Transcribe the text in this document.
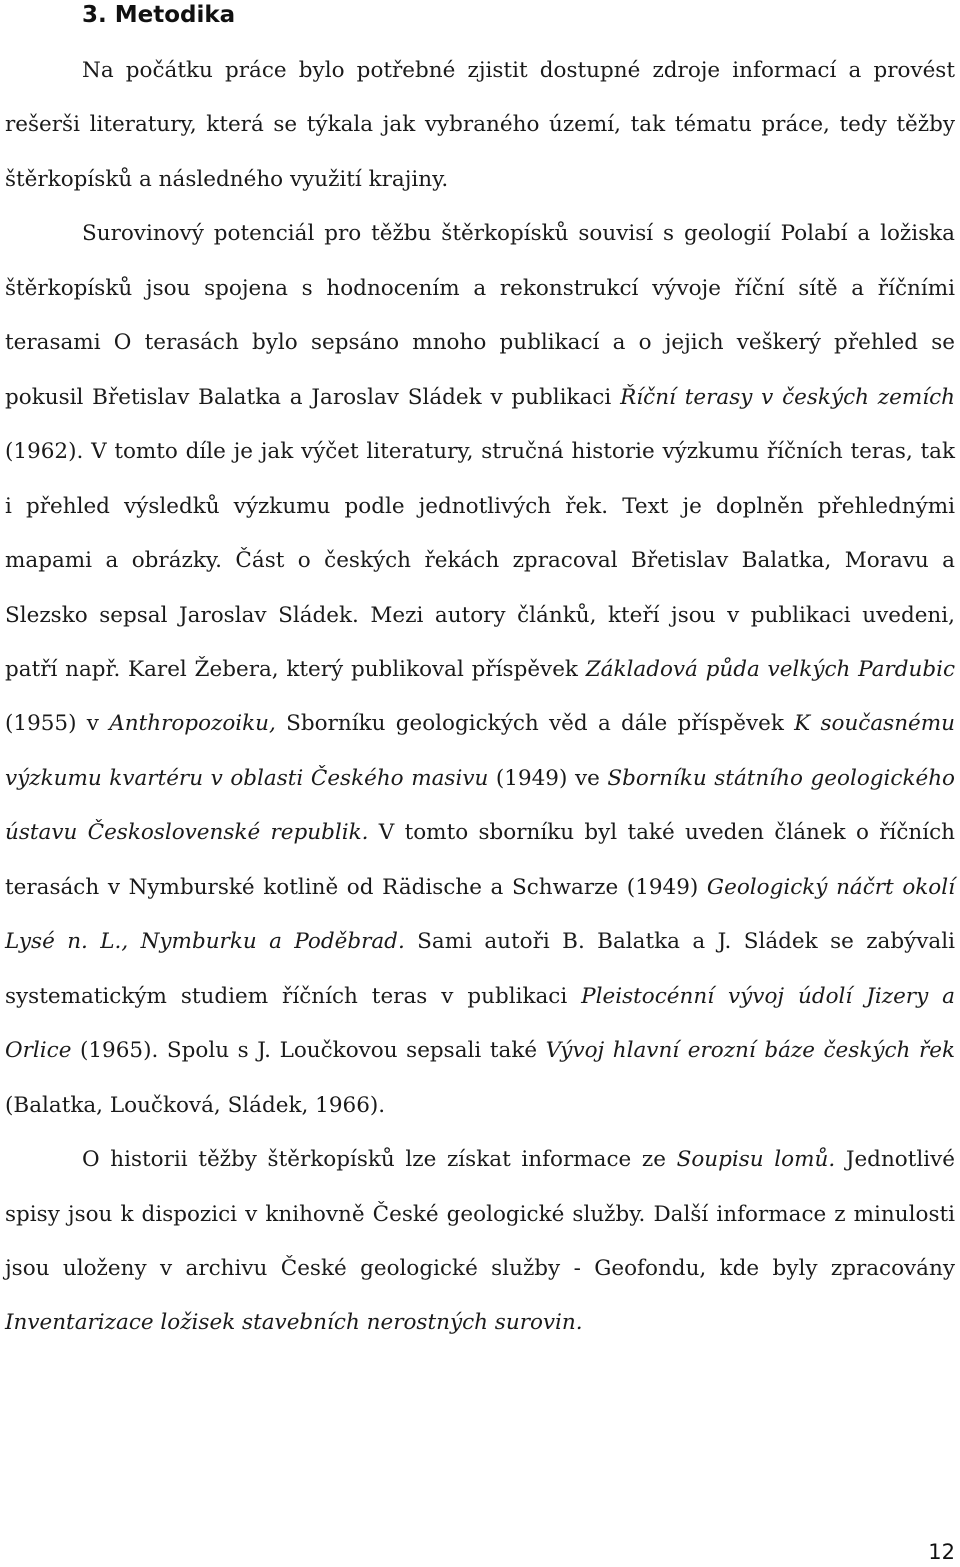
3. Metodika

Na počátku práce bylo potřebné zjistit dostupné zdroje informací a provést rešerši literatury, která se týkala jak vybraného území, tak tématu práce, tedy těžby štěrkopísků a následného využití krajiny.

Surovinový potenciál pro těžbu štěrkopísků souvisí s geologií Polabí a ložiska štěrkopísků jsou spojena s hodnocením a rekonstrukcí vývoje říční sítě a říčními terasami O terasách bylo sepsáno mnoho publikací a o jejich veškerý přehled se pokusil Břetislav Balatka a Jaroslav Sládek v publikaci Říční terasy v českých zemích (1962). V tomto díle je jak výčet literatury, stručná historie výzkumu říčních teras, tak i přehled výsledků výzkumu podle jednotlivých řek. Text je doplněn přehlednými mapami a obrázky. Část o českých řekách zpracoval Břetislav Balatka, Moravu a Slezsko sepsal Jaroslav Sládek. Mezi autory článků, kteří jsou v publikaci uvedeni, patří např. Karel Žebera, který publikoval příspěvek Základová půda velkých Pardubic (1955) v Anthropozoiku, Sborníku geologických věd a dále příspěvek K současnému výzkumu kvartéru v oblasti Českého masivu (1949) ve Sborníku státního geologického ústavu Československé republik. V tomto sborníku byl také uveden článek o říčních terasách v Nymburské kotlině od Rädische a Schwarze (1949) Geologický náčrt okolí Lysé n. L., Nymburku a Poděbrad. Sami autoři B. Balatka a J. Sládek se zabývali systematickým studiem říčních teras v publikaci Pleistocénní vývoj údolí Jizery a Orlice (1965). Spolu s J. Loučkovou sepsali také Vývoj hlavní erozní báze českých řek (Balatka, Loučková, Sládek, 1966).

O historii těžby štěrkopísků lze získat informace ze Soupisu lomů. Jednotlivé spisy jsou k dispozici v knihovně České geologické služby. Další informace z minulosti jsou uloženy v archivu České geologické služby - Geofondu, kde byly zpracovány Inventarizace ložisek stavebních nerostných surovin.

12
